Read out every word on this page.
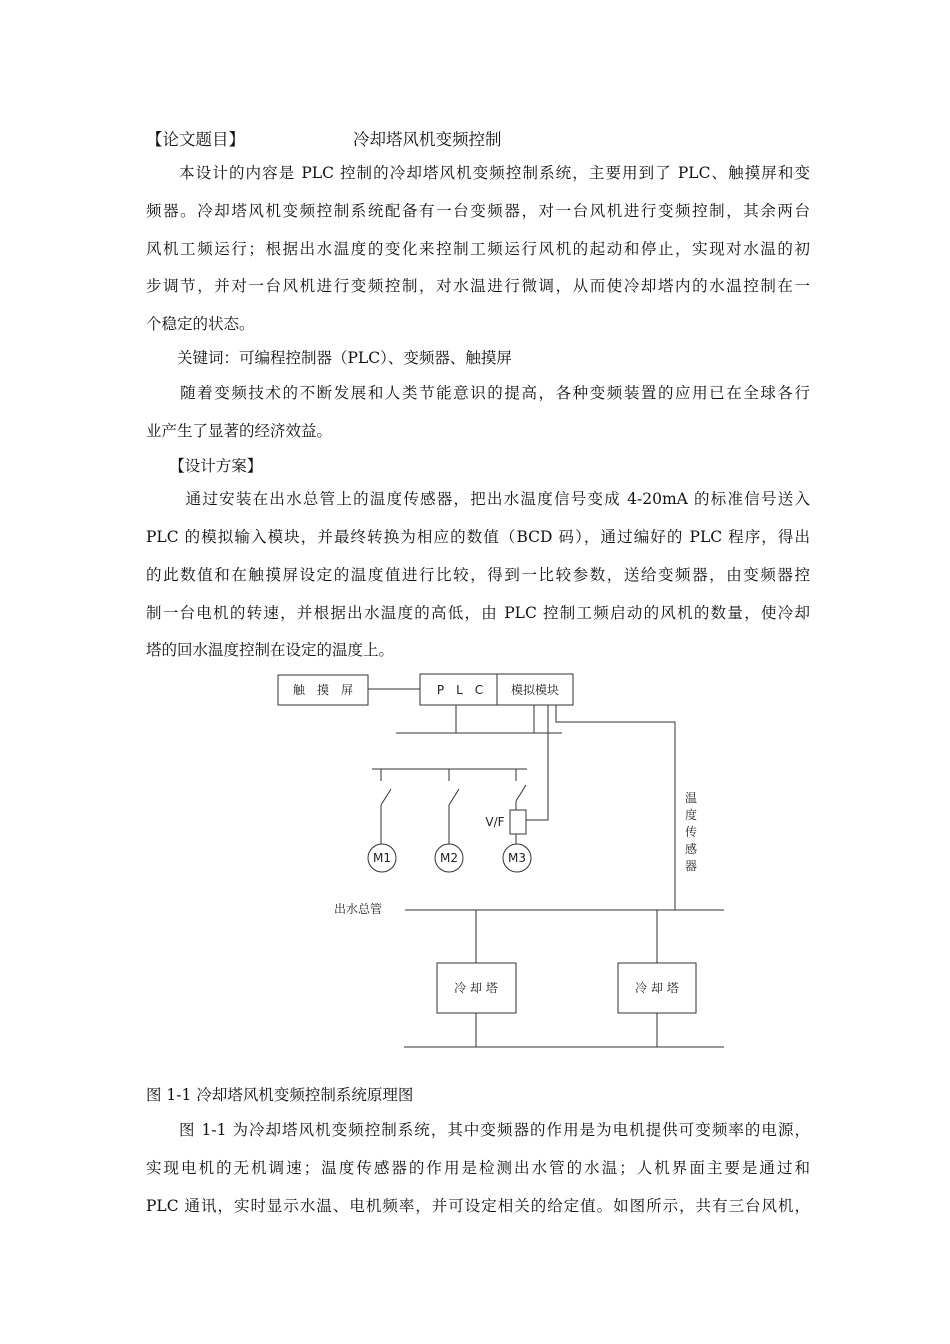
【论文题目】	冷却塔风机变频控制
　　本设计的内容是 PLC 控制的冷却塔风机变频控制系统，主要用到了 PLC、触摸屏和变
频器。冷却塔风机变频控制系统配备有一台变频器，对一台风机进行变频控制，其余两台
风机工频运行；根据出水温度的变化来控制工频运行风机的起动和停止，实现对水温的初
步调节，并对一台风机进行变频控制，对水温进行微调，从而使冷却塔内的水温控制在一
个稳定的状态。
　　关键词：可编程控制器（PLC）、变频器、触摸屏
　　随着变频技术的不断发展和人类节能意识的提高，各种变频装置的应用已在全球各行
业产生了显著的经济效益。
　　【设计方案】
　　 通过安装在出水总管上的温度传感器，把出水温度信号变成 4-20mA 的标准信号送入
PLC 的模拟输入模块，并最终转换为相应的数值（BCD 码），通过编好的 PLC 程序，得出
的此数值和在触摸屏设定的温度值进行比较，得到一比较参数，送给变频器，由变频器控
制一台电机的转速，并根据出水温度的高低，由 PLC 控制工频启动的风机的数量，使冷却
塔的回水温度控制在设定的温度上。
触　摸　屏	P　L　C 模拟模块
V/F
M1	M2	M3
温
度
传
感
器
出水总管
冷 却 塔	冷 却 塔
图 1-1 冷却塔风机变频控制系统原理图
　　图 1-1 为冷却塔风机变频控制系统，其中变频器的作用是为电机提供可变频率的电源，
实现电机的无机调速；温度传感器的作用是检测出水管的水温；人机界面主要是通过和
PLC 通讯，实时显示水温、电机频率，并可设定相关的给定值。如图所示，共有三台风机，
